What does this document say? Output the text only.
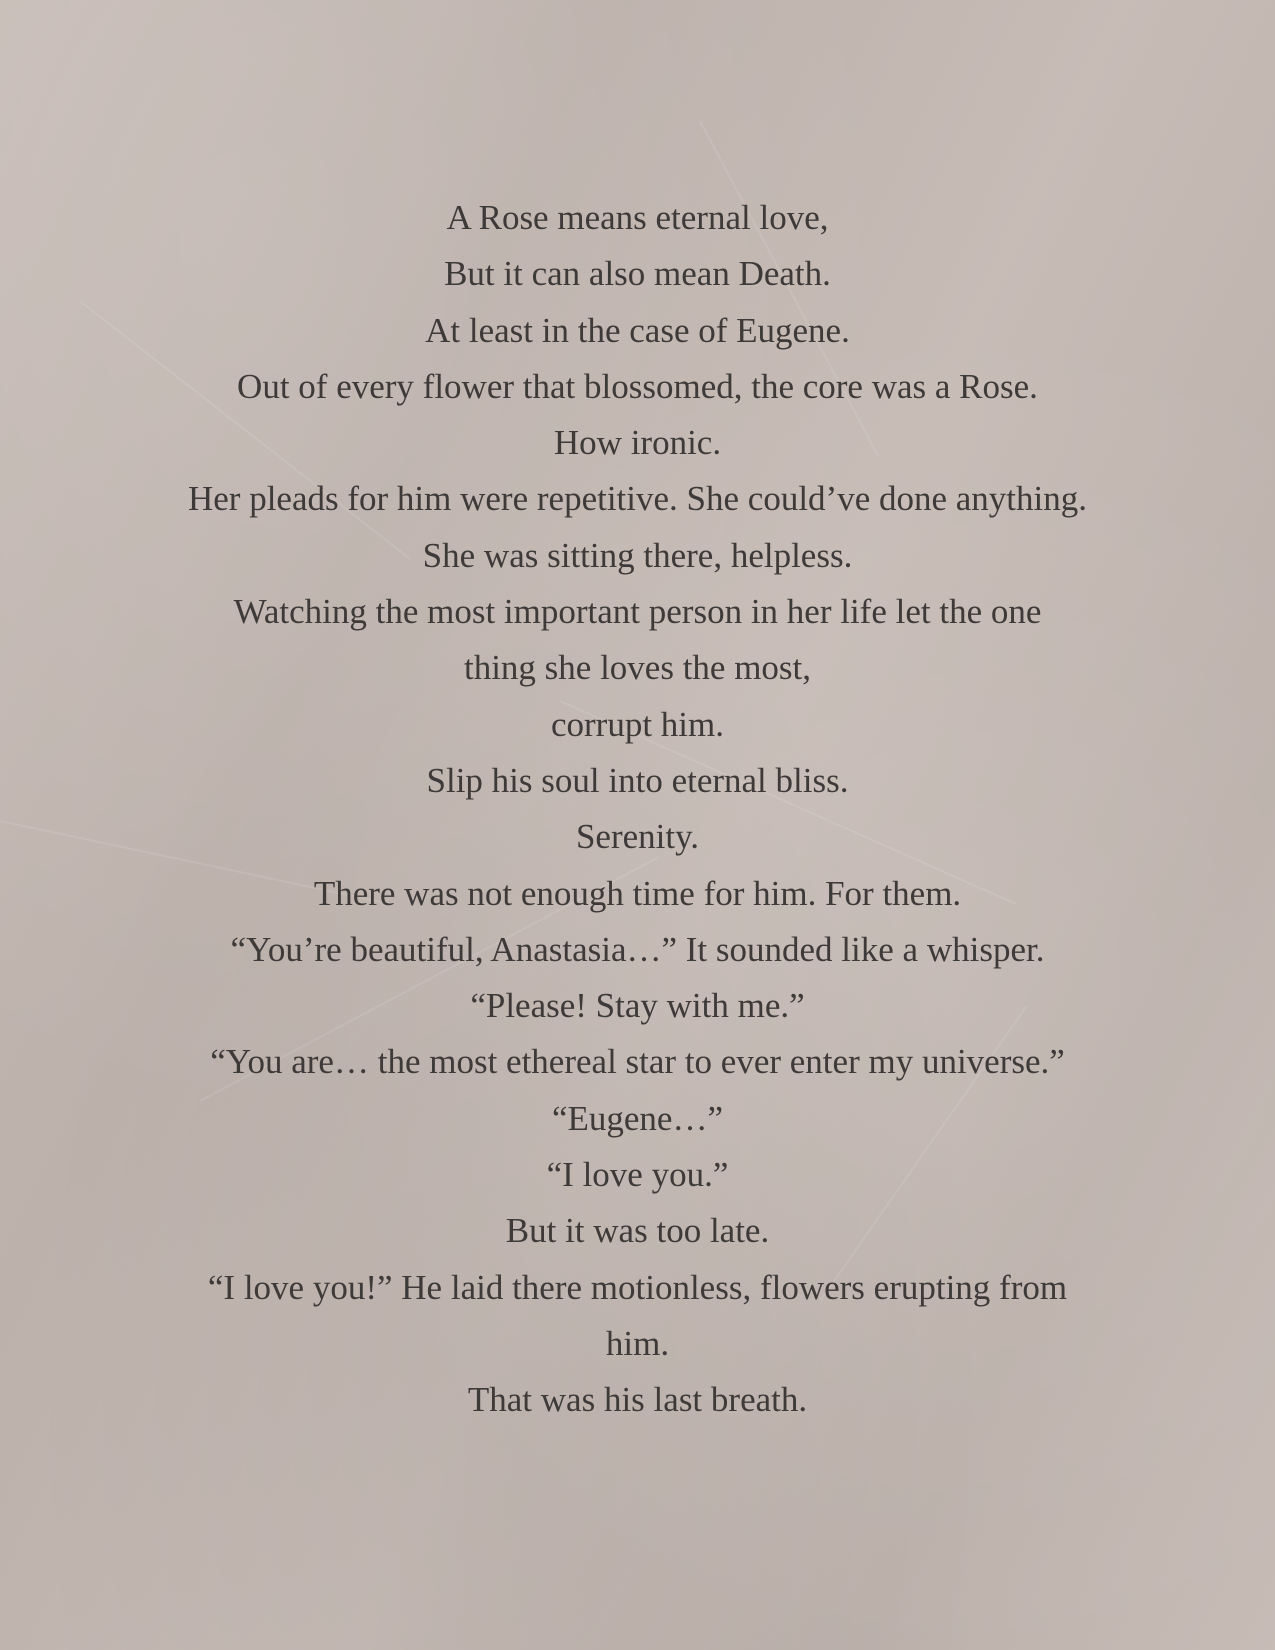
A Rose means eternal love,
But it can also mean Death.
At least in the case of Eugene.
Out of every flower that blossomed, the core was a Rose.
How ironic.
Her pleads for him were repetitive. She could’ve done anything.
She was sitting there, helpless.
Watching the most important person in her life let the one
thing she loves the most,
corrupt him.
Slip his soul into eternal bliss.
Serenity.
There was not enough time for him. For them.
“You’re beautiful, Anastasia…” It sounded like a whisper.
“Please! Stay with me.”
“You are… the most ethereal star to ever enter my universe.”
“Eugene…”
“I love you.”
But it was too late.
“I love you!” He laid there motionless, flowers erupting from
him.
That was his last breath.
